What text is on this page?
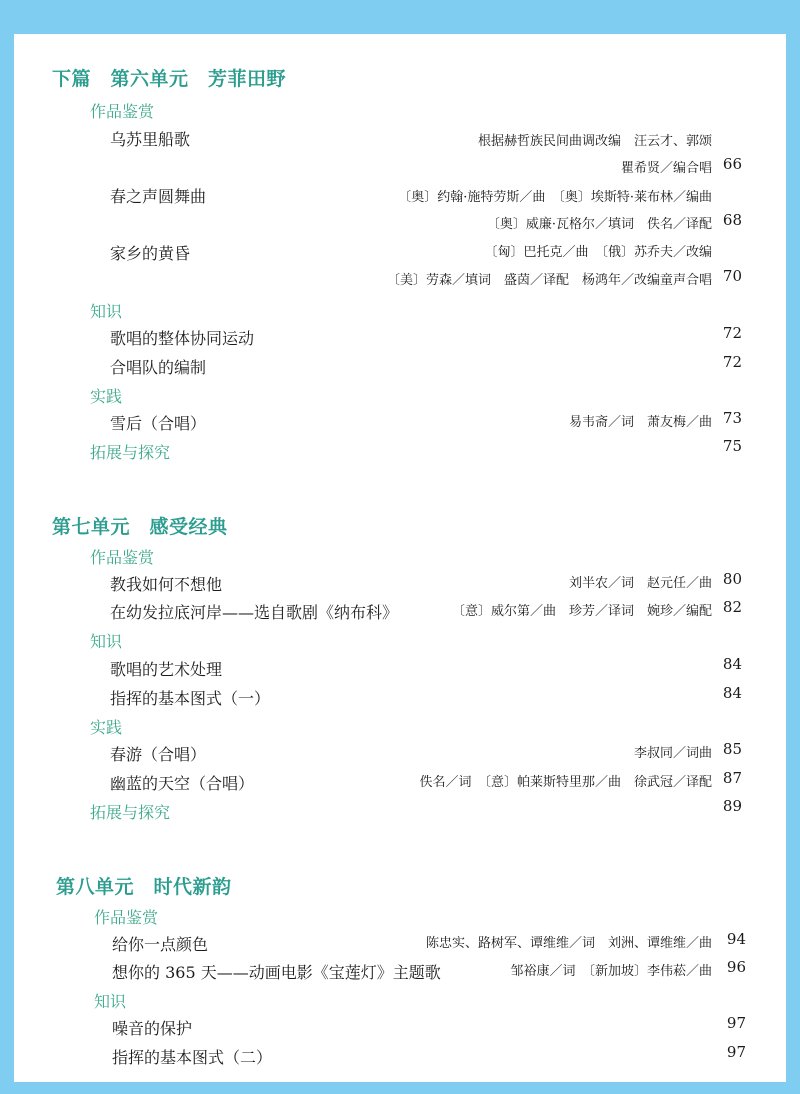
下篇　第六单元　芳菲田野
作品鉴赏
乌苏里船歌	根据赫哲族民间曲调改编　汪云才、郭颂
瞿希贤／编合唱 66
春之声圆舞曲	〔奥〕约翰·施特劳斯／曲　〔奥〕埃斯特·莱布林／编曲
〔奥〕威廉·瓦格尔／填词　佚名／译配 68
家乡的黄昏	〔匈〕巴托克／曲　〔俄〕苏乔夫／改编
〔美〕劳森／填词　盛茵／译配　杨鸿年／改编童声合唱 70
知识
歌唱的整体协同运动	72
合唱队的编制	72
实践
雪后（合唱）	易韦斋／词　萧友梅／曲 73
拓展与探究	75
第七单元　感受经典
作品鉴赏
教我如何不想他	刘半农／词　赵元任／曲 80
在幼发拉底河岸——选自歌剧《纳布科》	〔意〕威尔第／曲　珍芳／译词　婉珍／编配 82
知识
歌唱的艺术处理	84
指挥的基本图式（一）	84
实践
春游（合唱）	李叔同／词曲 85
幽蓝的天空（合唱）	佚名／词　〔意〕帕莱斯特里那／曲　徐武冠／译配 87
拓展与探究	89
第八单元　时代新韵
作品鉴赏
给你一点颜色	陈忠实、路树军、谭维维／词　刘洲、谭维维／曲 94
想你的 365 天——动画电影《宝莲灯》主题歌	邹裕康／词　〔新加坡〕李伟菘／曲 96
知识
噪音的保护	97
指挥的基本图式（二）	97
